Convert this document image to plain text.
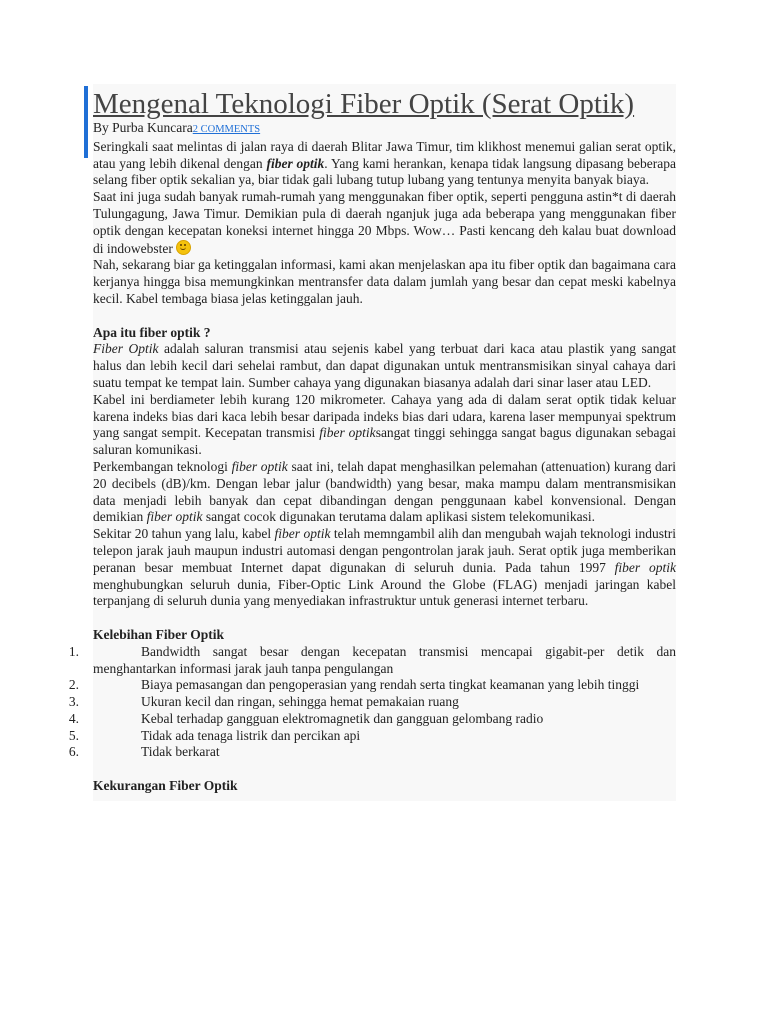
Mengenal Teknologi Fiber Optik (Serat Optik)

By Purba Kuncara2 COMMENTS

Seringkali saat melintas di jalan raya di daerah Blitar Jawa Timur, tim klikhost menemui galian serat optik, atau yang lebih dikenal dengan fiber optik. Yang kami herankan, kenapa tidak langsung dipasang beberapa selang fiber optik sekalian ya, biar tidak gali lubang tutup lubang yang tentunya menyita banyak biaya.

Saat ini juga sudah banyak rumah-rumah yang menggunakan fiber optik, seperti pengguna astin*t di daerah Tulungagung, Jawa Timur. Demikian pula di daerah nganjuk juga ada beberapa yang menggunakan fiber optik dengan kecepatan koneksi internet hingga 20 Mbps. Wow… Pasti kencang deh kalau buat download di indowebster

Nah, sekarang biar ga ketinggalan informasi, kami akan menjelaskan apa itu fiber optik dan bagaimana cara kerjanya hingga bisa memungkinkan mentransfer data dalam jumlah yang besar dan cepat meski kabelnya kecil. Kabel tembaga biasa jelas ketinggalan jauh.

Apa itu fiber optik ?

Fiber Optik adalah saluran transmisi atau sejenis kabel yang terbuat dari kaca atau plastik yang sangat halus dan lebih kecil dari sehelai rambut, dan dapat digunakan untuk mentransmisikan sinyal cahaya dari suatu tempat ke tempat lain. Sumber cahaya yang digunakan biasanya adalah dari sinar laser atau LED.

Kabel ini berdiameter lebih kurang 120 mikrometer. Cahaya yang ada di dalam serat optik tidak keluar karena indeks bias dari kaca lebih besar daripada indeks bias dari udara, karena laser mempunyai spektrum yang sangat sempit. Kecepatan transmisi fiber optiksangat tinggi sehingga sangat bagus digunakan sebagai saluran komunikasi.

Perkembangan teknologi fiber optik saat ini, telah dapat menghasilkan pelemahan (attenuation) kurang dari 20 decibels (dB)/km. Dengan lebar jalur (bandwidth) yang besar, maka mampu dalam mentransmisikan data menjadi lebih banyak dan cepat dibandingan dengan penggunaan kabel konvensional. Dengan demikian fiber optik sangat cocok digunakan terutama dalam aplikasi sistem telekomunikasi.

Sekitar 20 tahun yang lalu, kabel fiber optik telah memngambil alih dan mengubah wajah teknologi industri telepon jarak jauh maupun industri automasi dengan pengontrolan jarak jauh. Serat optik juga memberikan peranan besar membuat Internet dapat digunakan di seluruh dunia. Pada tahun 1997 fiber optik menghubungkan seluruh dunia, Fiber-Optic Link Around the Globe (FLAG) menjadi jaringan kabel terpanjang di seluruh dunia yang menyediakan infrastruktur untuk generasi internet terbaru.

Kelebihan Fiber Optik
1.	Bandwidth sangat besar dengan kecepatan transmisi mencapai gigabit-per detik dan menghantarkan informasi jarak jauh tanpa pengulangan
2.	Biaya pemasangan dan pengoperasian yang rendah serta tingkat keamanan yang lebih tinggi
3.	Ukuran kecil dan ringan, sehingga hemat pemakaian ruang
4.	Kebal terhadap gangguan elektromagnetik dan gangguan gelombang radio
5.	Tidak ada tenaga listrik dan percikan api
6.	Tidak berkarat
Kekurangan Fiber Optik
